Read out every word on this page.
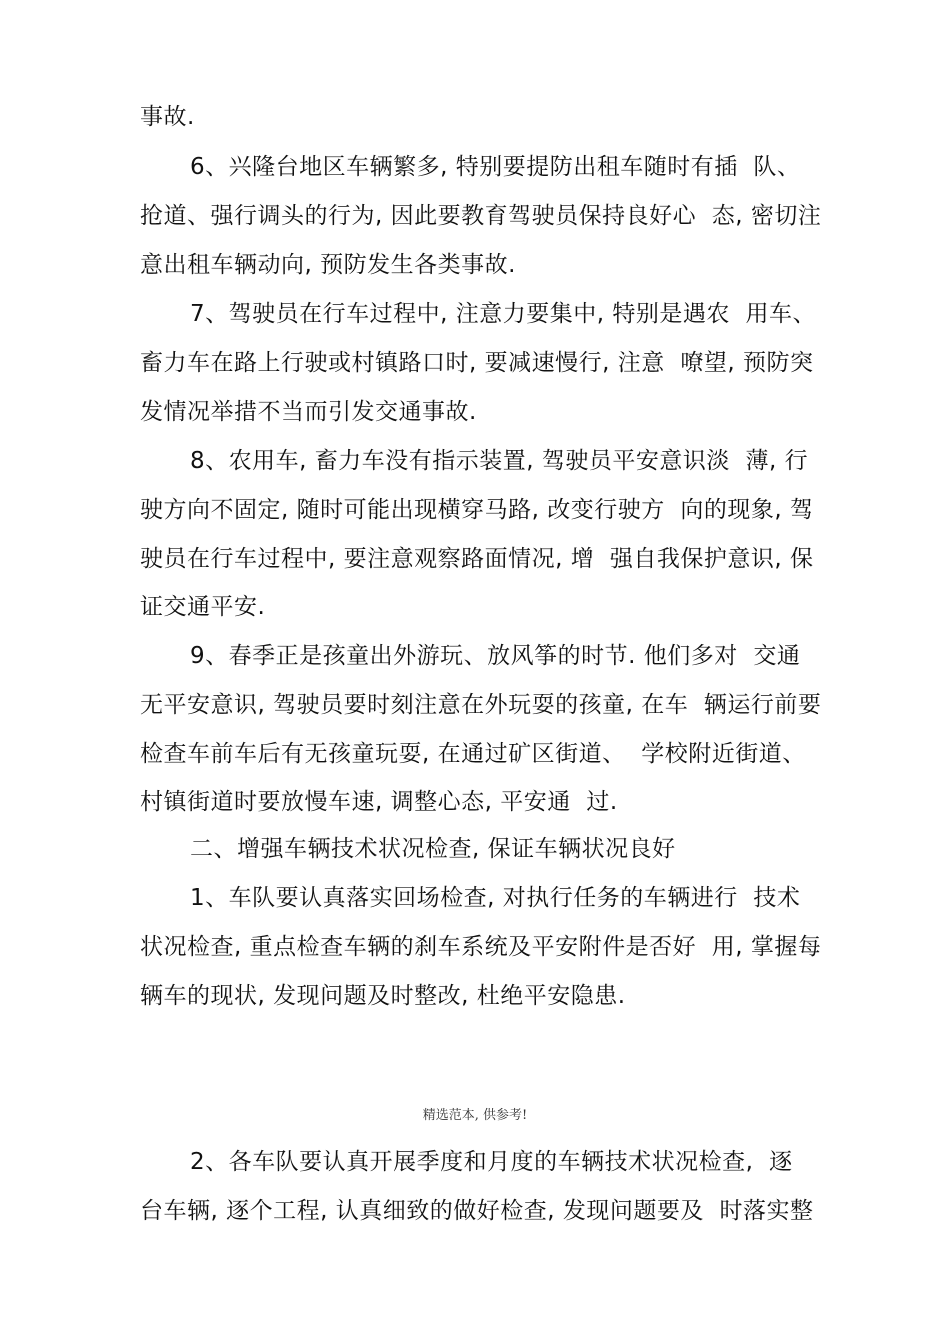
事故.
6、兴隆台地区车辆繁多, 特别要提防出租车随时有插  队、
抢道、强行调头的行为, 因此要教育驾驶员保持良好心  态, 密切注
意出租车辆动向, 预防发生各类事故.
7、驾驶员在行车过程中, 注意力要集中, 特别是遇农  用车、
畜力车在路上行驶或村镇路口时, 要减速慢行, 注意  嘹望, 预防突
发情况举措不当而引发交通事故.
8、农用车, 畜力车没有指示装置, 驾驶员平安意识淡  薄, 行
驶方向不固定, 随时可能出现横穿马路, 改变行驶方  向的现象, 驾
驶员在行车过程中, 要注意观察路面情况, 增  强自我保护意识, 保
证交通平安.
9、春季正是孩童出外游玩、放风筝的时节. 他们多对  交通
无平安意识, 驾驶员要时刻注意在外玩耍的孩童, 在车  辆运行前要
检查车前车后有无孩童玩耍, 在通过矿区街道、  学校附近街道、
村镇街道时要放慢车速, 调整心态, 平安通  过.
二、增强车辆技术状况检查, 保证车辆状况良好
1、车队要认真落实回场检查, 对执行任务的车辆进行  技术
状况检查, 重点检查车辆的刹车系统及平安附件是否好  用, 掌握每
辆车的现状, 发现问题及时整改, 杜绝平安隐患.
精选范本, 供参考!
2、各车队要认真开展季度和月度的车辆技术状况检查,  逐
台车辆, 逐个工程, 认真细致的做好检查, 发现问题要及  时落实整
